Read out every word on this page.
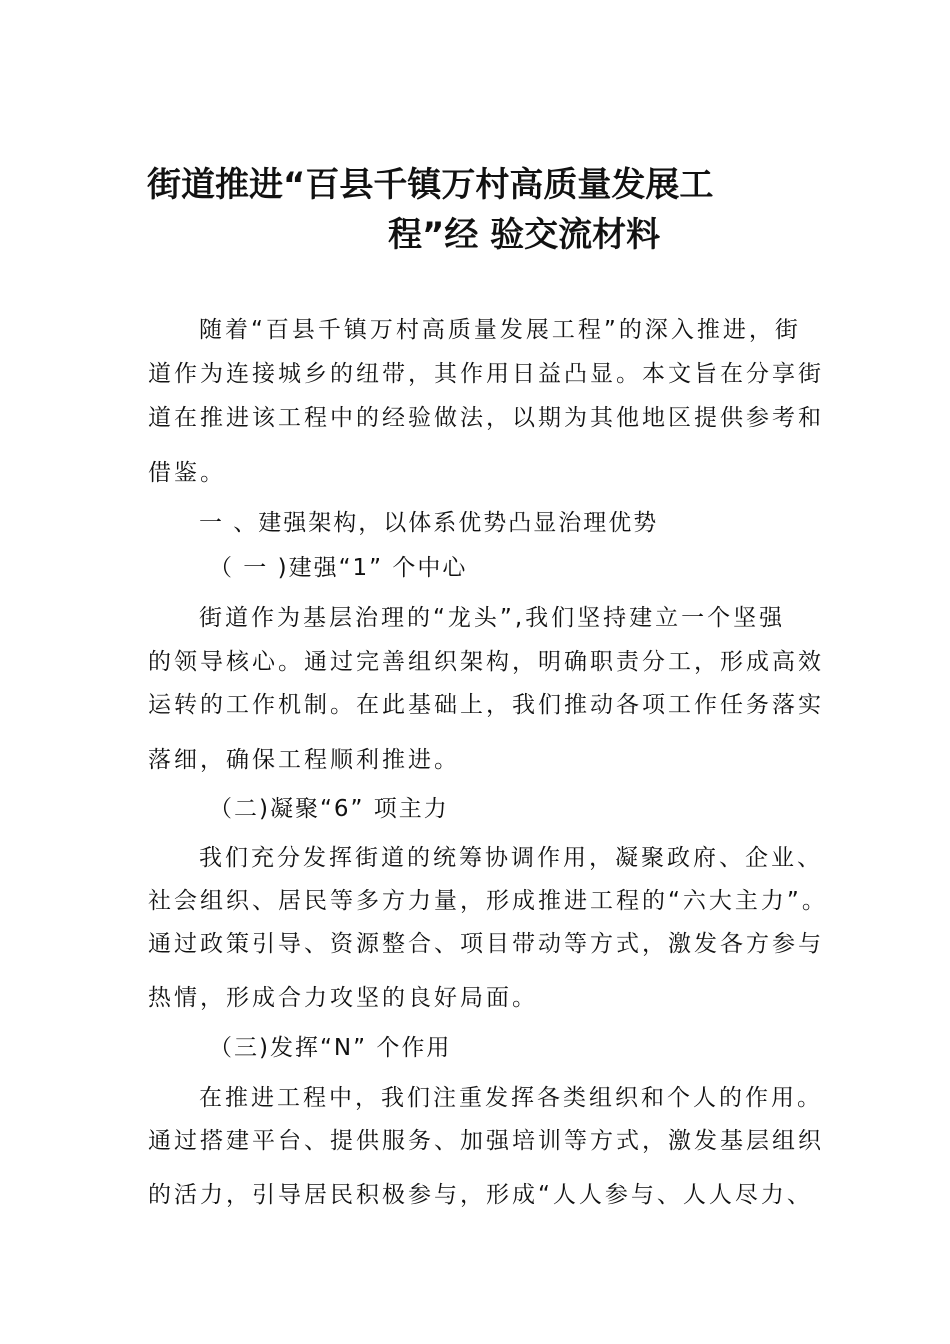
街道推进“百县千镇万村高质量发展工
程”经 验交流材料
随着“百县千镇万村高质量发展工程”的深入推进，街
道作为连接城乡的纽带，其作用日益凸显。本文旨在分享街
道在推进该工程中的经验做法，以期为其他地区提供参考和
借鉴。
一 、建强架构，以体系优势凸显治理优势
（ 一 )建强“1” 个中心
街道作为基层治理的“龙头”,我们坚持建立一个坚强
的领导核心。通过完善组织架构，明确职责分工，形成高效
运转的工作机制。在此基础上，我们推动各项工作任务落实
落细，确保工程顺利推进。
（二)凝聚“6” 项主力
我们充分发挥街道的统筹协调作用，凝聚政府、企业、
社会组织、居民等多方力量，形成推进工程的“六大主力”。
通过政策引导、资源整合、项目带动等方式，激发各方参与
热情，形成合力攻坚的良好局面。
（三)发挥“N” 个作用
在推进工程中，我们注重发挥各类组织和个人的作用。
通过搭建平台、提供服务、加强培训等方式，激发基层组织
的活力，引导居民积极参与，形成“人人参与、人人尽力、
